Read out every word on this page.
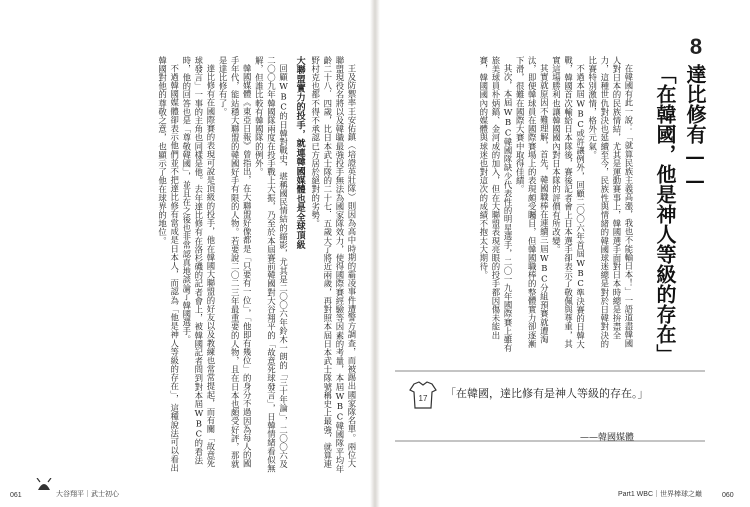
8
達比修有——
「在韓國，他是神人等級的存在」

在韓國有此一說：「就算民族主義高漲，我也不能輸日本！」一語道盡韓國人對日本的民族情結，尤其是運動賽事上，韓國選手面對日本時總是拚盡全力，這種世仇對決也延續至今，民族性與情緒的韓國球迷總是對於日韓對決的比賽特別激情，格外元氣。

不過本屆WBC或許讓例外，回顧二〇〇六年首屆WBC準決賽的日韓大戰，韓國首次輸給日本隊後，賽後記者會上日本選手卻表示了敬佩與尊重，其實這場勝利也讓韓國國內對日本隊的評價有所改變。

其實就原因不難理解，首先，韓國職棒在連續三屆WBC分組預賽就遭淘汰，即便韓球員在國際賽場上的表現頗受矚目，但韓國職棒的整體實力卻逐漸下滑，很難在國際大賽中取得佳績。

其次，本屆WBC韓國隊缺少代表性的明星選手，二〇一九年國際賽上雖有旅美球員朴炳鎬、金河成的加入，但在大聯盟表現亮眼的投手都因傷未能出賽，韓國國內的媒體與球迷也對這次的成績不抱太大期待。

17 「在韓國，達比修有是神人等級的存在。」
——韓國媒體

王及防禦率王安佑鎮（培證英壯隊）則因為高中時期的霸凌事件遭警方調查，而被踢出國家隊名單。兩位大聯盟現役名將以及韓職最強投手無法為國家隊效力，使得國際賽經驗等因素的考量，本屆WBC韓國隊平均年齡二十八．四歲，比日本武士隊的二十七．五歲大了將近兩歲，再對照本屆日本武士隊號稱史上最強，就算連野村克也都不得不承認已方居於絕對的劣勢。

大聯盟實力的投手，就連韓國媒體也是全球頂級

回顧WBC的日韓對戰史，堪稱國民情結的縮影，尤其是二〇〇六年鈴木一朗的「三十年論」，二〇〇六及二〇〇九年韓國隊兩度在投手戰上大振，乃至於本屆賽前韓國對大谷翔平的「故意死球發言」，日韓情緒看似無解，但誰比較有韓國隊的例外。

韓國媒體《東亞日報》曾指出，在大聯盟好像都是「只要有一位」，「他即有幾位」的身分不過因為每人的國手年代，能站穩大聯盟的韓國好手有限的人物。若要說二〇二三年最重要的人物，且在日本也頗受好評，那就是達比修有了。

達比修有在國際賽的表現可說是頂級的投手，他在韓國大聯盟的好友以及教練也常常提起，而有關「故意死球發言」一事的主角也同樣是他。去年達比修有在洛杉磯的記者會上，被韓國記者問到對本屆WBC的看法時，他的回答也是「尊敬韓國」，並且在之後也非常認真地談論了韓國選手。

不過韓國媒體卻表示他們並不把達比修有當成是日本人，而認為「他是神人等級的存在」，這種說法可以看出韓國對他的尊敬之意，也顯示了他在球界的地位。

061	大谷翔平｜武士初心	Part1 WBC｜世界棒球之巔	060
